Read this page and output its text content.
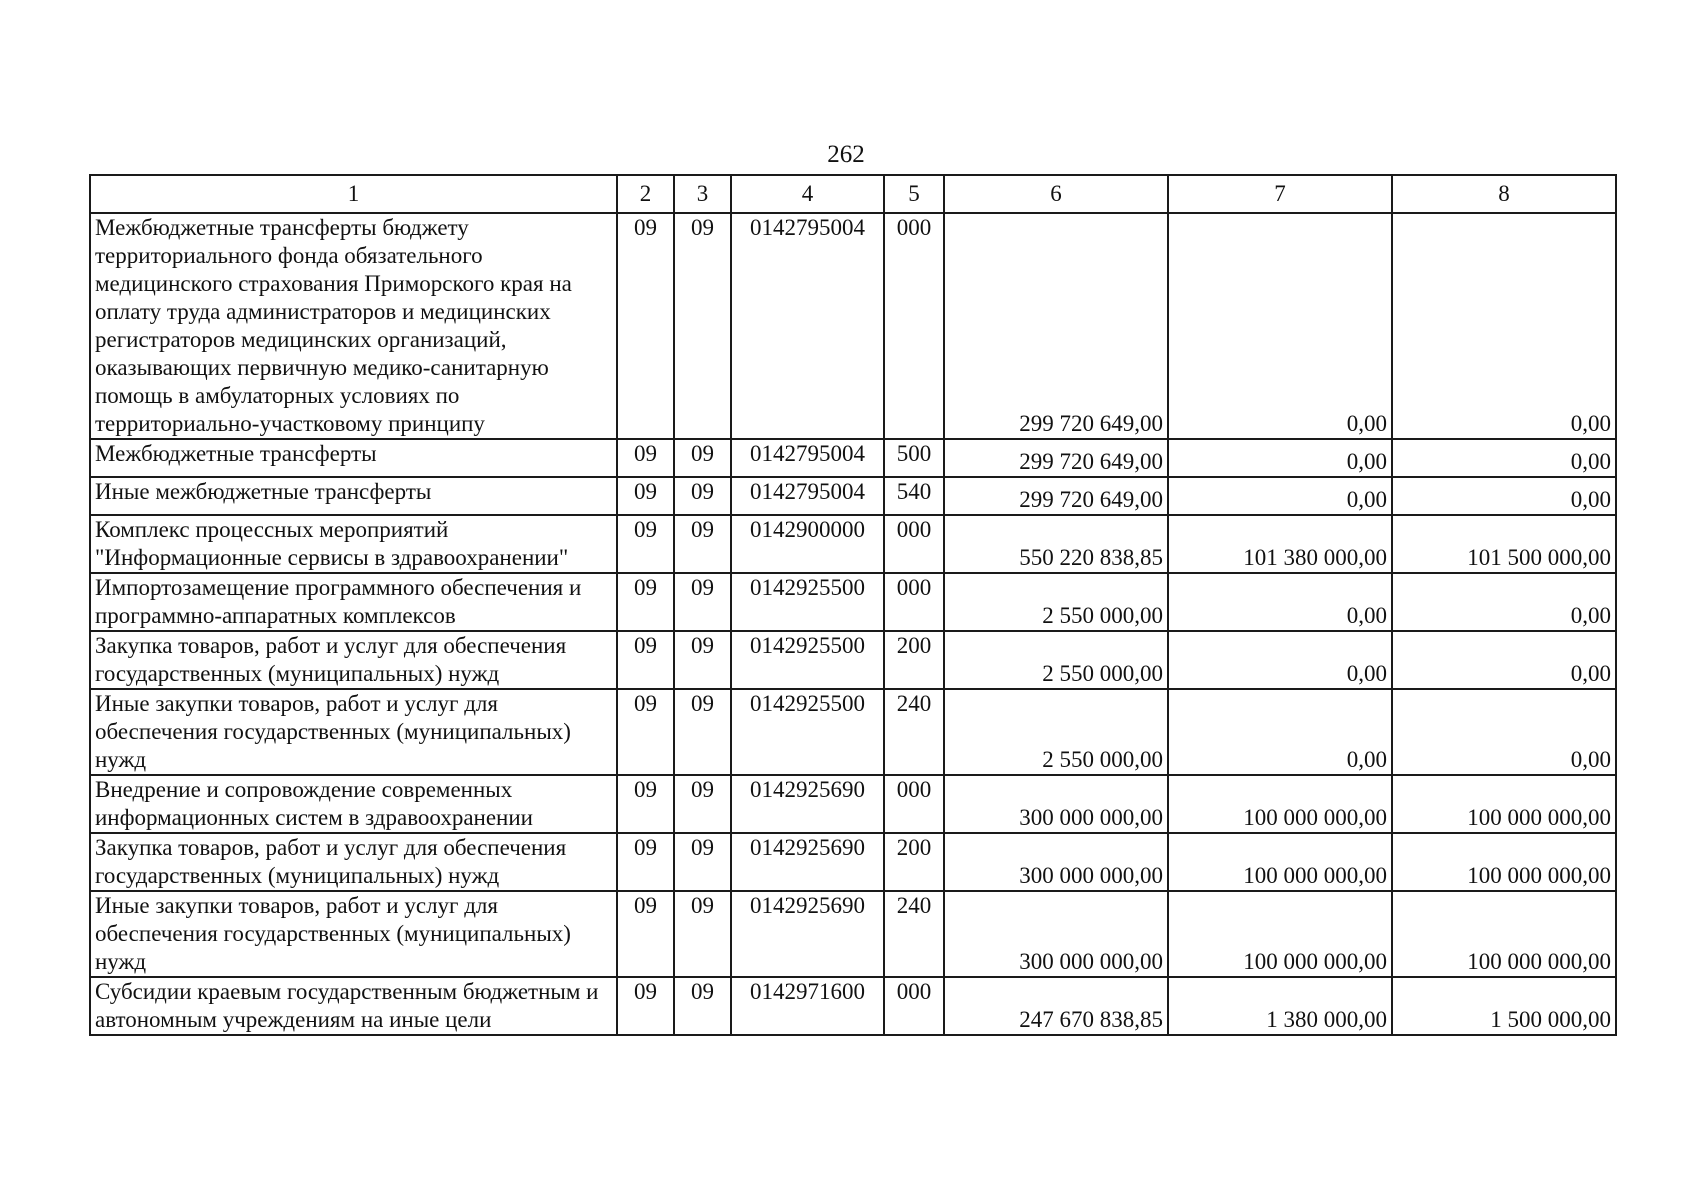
262
1	2	3	4	5	6	7	8
Межбюджетные трансферты бюджету территориального фонда обязательного медицинского страхования Приморского края на оплату труда администраторов и медицинских регистраторов медицинских организаций, оказывающих первичную медико-санитарную помощь в амбулаторных условиях по территориально-участковому принципу	09	09	0142795004	000	299 720 649,00	0,00	0,00
Межбюджетные трансферты	09	09	0142795004	500	299 720 649,00	0,00	0,00
Иные межбюджетные трансферты	09	09	0142795004	540	299 720 649,00	0,00	0,00
Комплекс процессных мероприятий "Информационные сервисы в здравоохранении"	09	09	0142900000	000	550 220 838,85	101 380 000,00	101 500 000,00
Импортозамещение программного обеспечения и программно-аппаратных комплексов	09	09	0142925500	000	2 550 000,00	0,00	0,00
Закупка товаров, работ и услуг для обеспечения государственных (муниципальных) нужд	09	09	0142925500	200	2 550 000,00	0,00	0,00
Иные закупки товаров, работ и услуг для обеспечения государственных (муниципальных) нужд	09	09	0142925500	240	2 550 000,00	0,00	0,00
Внедрение и сопровождение современных информационных систем в здравоохранении	09	09	0142925690	000	300 000 000,00	100 000 000,00	100 000 000,00
Закупка товаров, работ и услуг для обеспечения государственных (муниципальных) нужд	09	09	0142925690	200	300 000 000,00	100 000 000,00	100 000 000,00
Иные закупки товаров, работ и услуг для обеспечения государственных (муниципальных) нужд	09	09	0142925690	240	300 000 000,00	100 000 000,00	100 000 000,00
Субсидии краевым государственным бюджетным и автономным учреждениям на иные цели	09	09	0142971600	000	247 670 838,85	1 380 000,00	1 500 000,00
